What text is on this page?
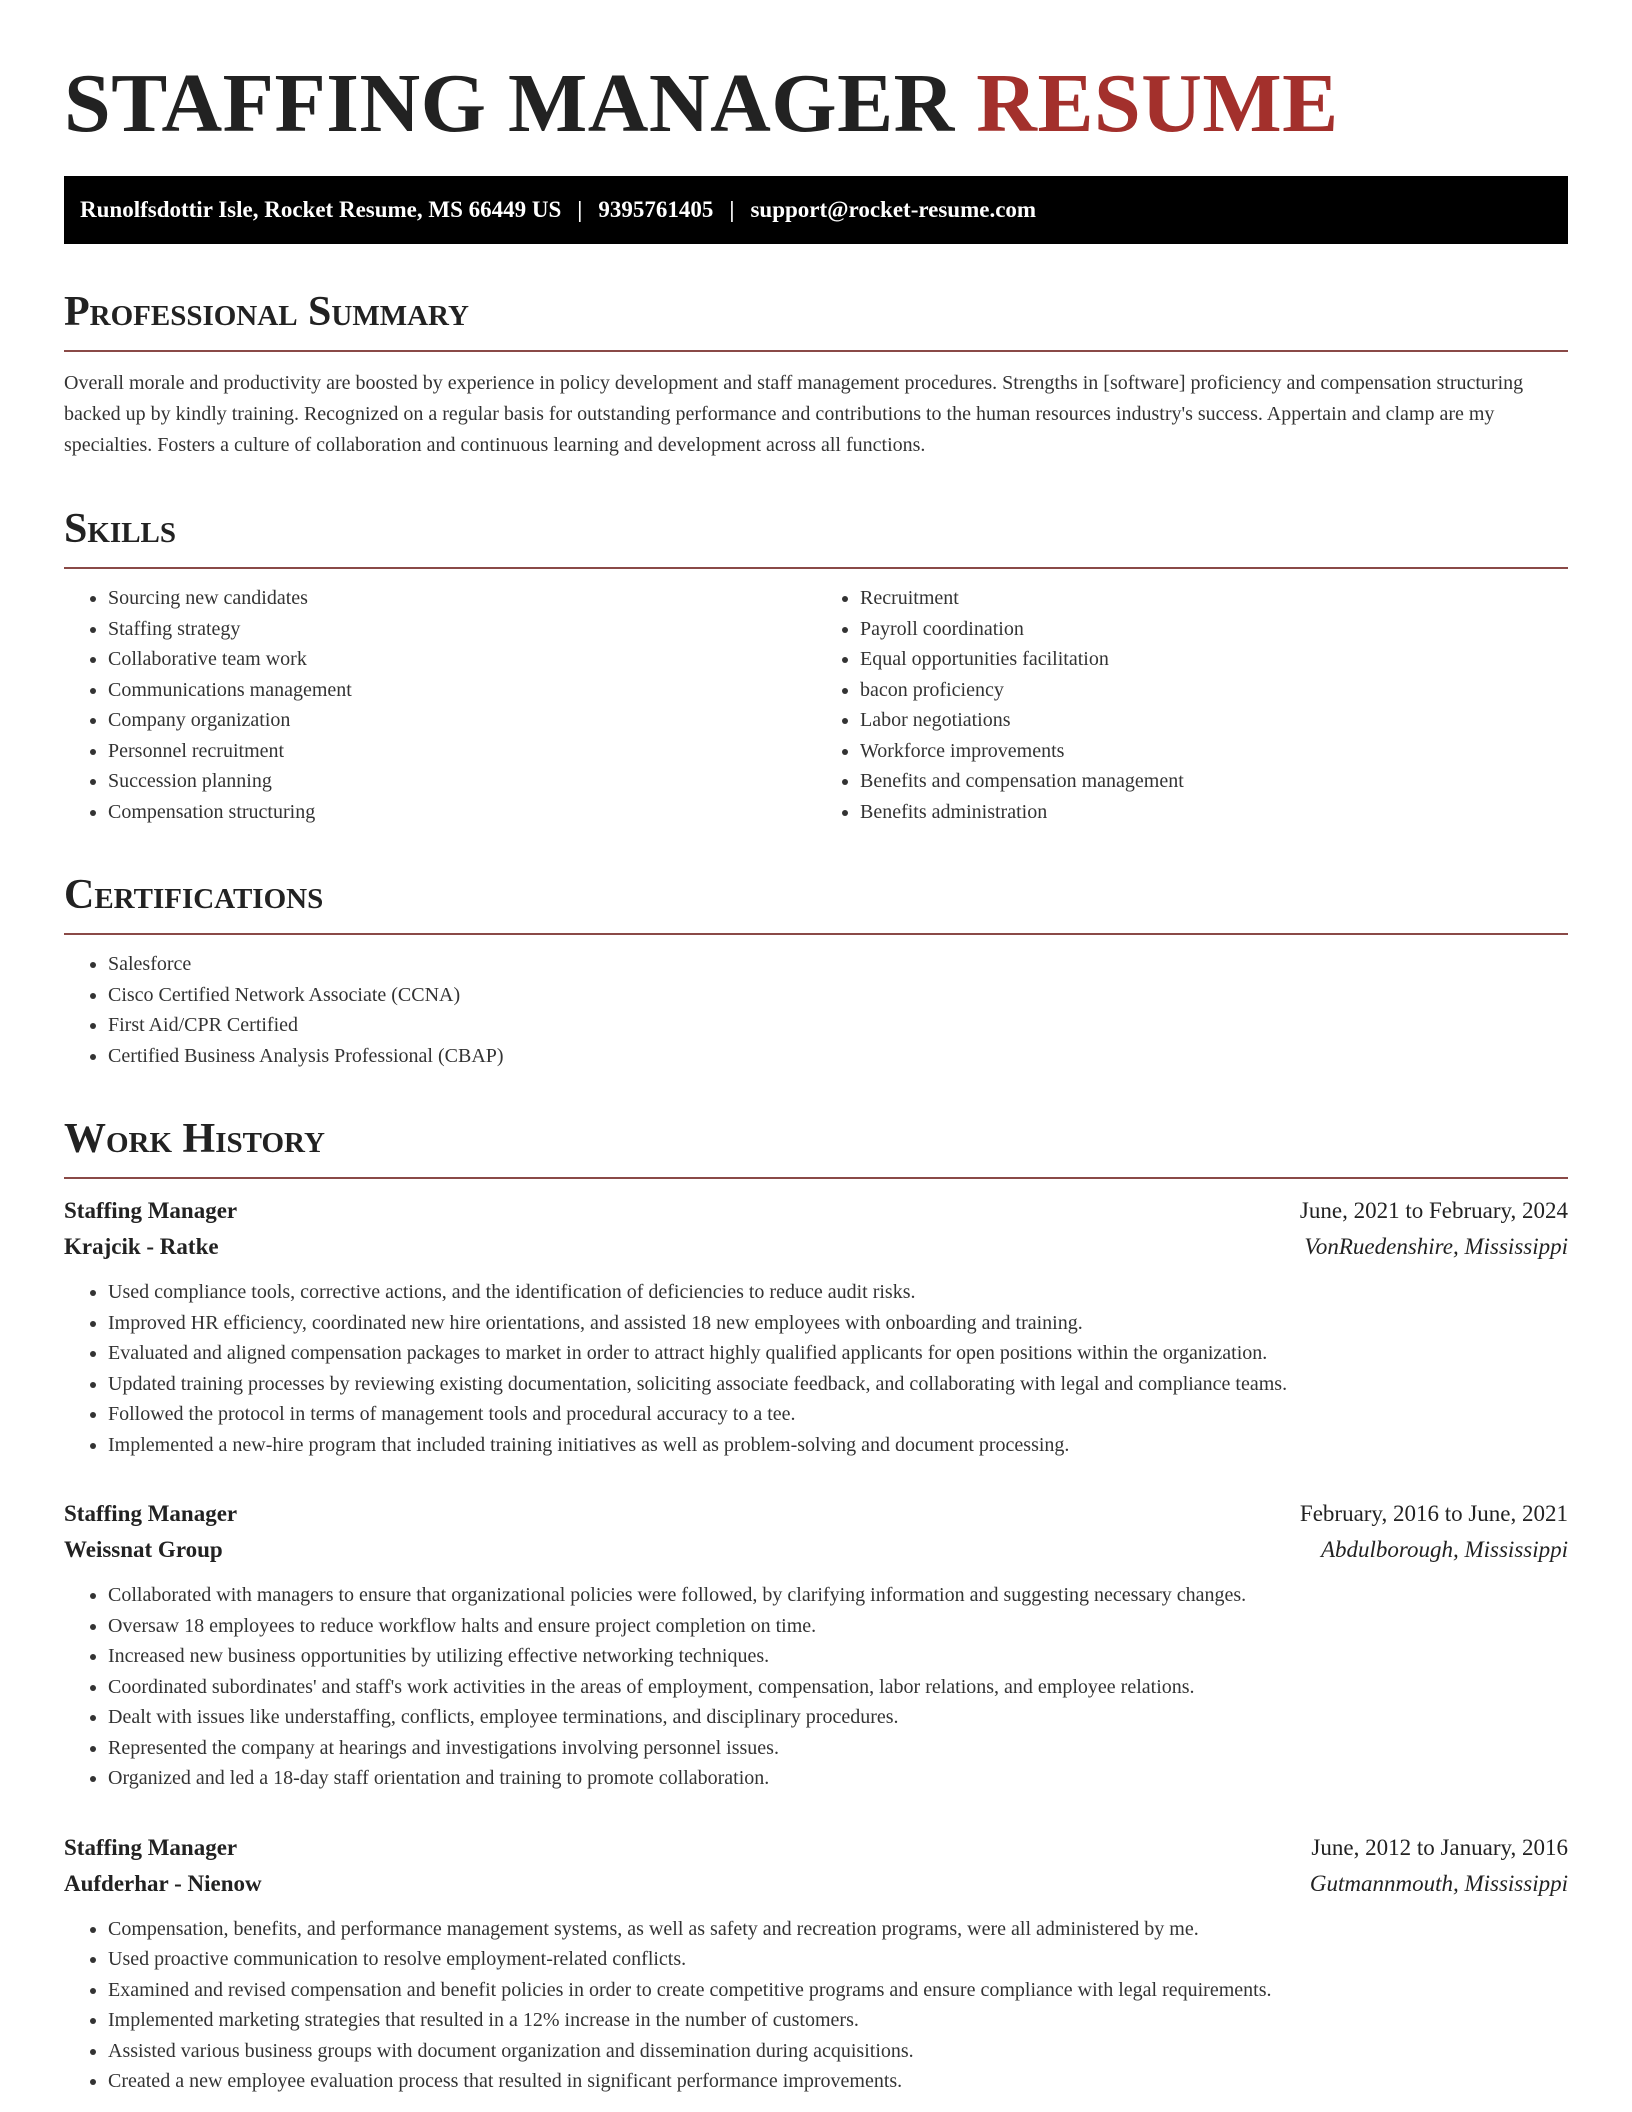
STAFFING MANAGER RESUME
Runolfsdottir Isle, Rocket Resume, MS 66449 US | 9395761405 | support@rocket-resume.com
Professional Summary

Overall morale and productivity are boosted by experience in policy development and staff management procedures. Strengths in [software] proficiency and compensation structuring backed up by kindly training. Recognized on a regular basis for outstanding performance and contributions to the human resources industry's success. Appertain and clamp are my specialties. Fosters a culture of collaboration and continuous learning and development across all functions.

Skills
• Sourcing new candidates
• Staffing strategy
• Collaborative team work
• Communications management
• Company organization
• Personnel recruitment
• Succession planning
• Compensation structuring
• Recruitment
• Payroll coordination
• Equal opportunities facilitation
• bacon proficiency
• Labor negotiations
• Workforce improvements
• Benefits and compensation management
• Benefits administration
Certifications
• Salesforce
• Cisco Certified Network Associate (CCNA)
• First Aid/CPR Certified
• Certified Business Analysis Professional (CBAP)
Work History
Staffing Manager	June, 2021 to February, 2024
Krajcik - Ratke	VonRuedenshire, Mississippi
• Used compliance tools, corrective actions, and the identification of deficiencies to reduce audit risks.
• Improved HR efficiency, coordinated new hire orientations, and assisted 18 new employees with onboarding and training.
• Evaluated and aligned compensation packages to market in order to attract highly qualified applicants for open positions within the organization.
• Updated training processes by reviewing existing documentation, soliciting associate feedback, and collaborating with legal and compliance teams.
• Followed the protocol in terms of management tools and procedural accuracy to a tee.
• Implemented a new-hire program that included training initiatives as well as problem-solving and document processing.
Staffing Manager	February, 2016 to June, 2021
Weissnat Group	Abdulborough, Mississippi
• Collaborated with managers to ensure that organizational policies were followed, by clarifying information and suggesting necessary changes.
• Oversaw 18 employees to reduce workflow halts and ensure project completion on time.
• Increased new business opportunities by utilizing effective networking techniques.
• Coordinated subordinates' and staff's work activities in the areas of employment, compensation, labor relations, and employee relations.
• Dealt with issues like understaffing, conflicts, employee terminations, and disciplinary procedures.
• Represented the company at hearings and investigations involving personnel issues.
• Organized and led a 18-day staff orientation and training to promote collaboration.
Staffing Manager	June, 2012 to January, 2016
Aufderhar - Nienow	Gutmannmouth, Mississippi
• Compensation, benefits, and performance management systems, as well as safety and recreation programs, were all administered by me.
• Used proactive communication to resolve employment-related conflicts.
• Examined and revised compensation and benefit policies in order to create competitive programs and ensure compliance with legal requirements.
• Implemented marketing strategies that resulted in a 12% increase in the number of customers.
• Assisted various business groups with document organization and dissemination during acquisitions.
• Created a new employee evaluation process that resulted in significant performance improvements.
